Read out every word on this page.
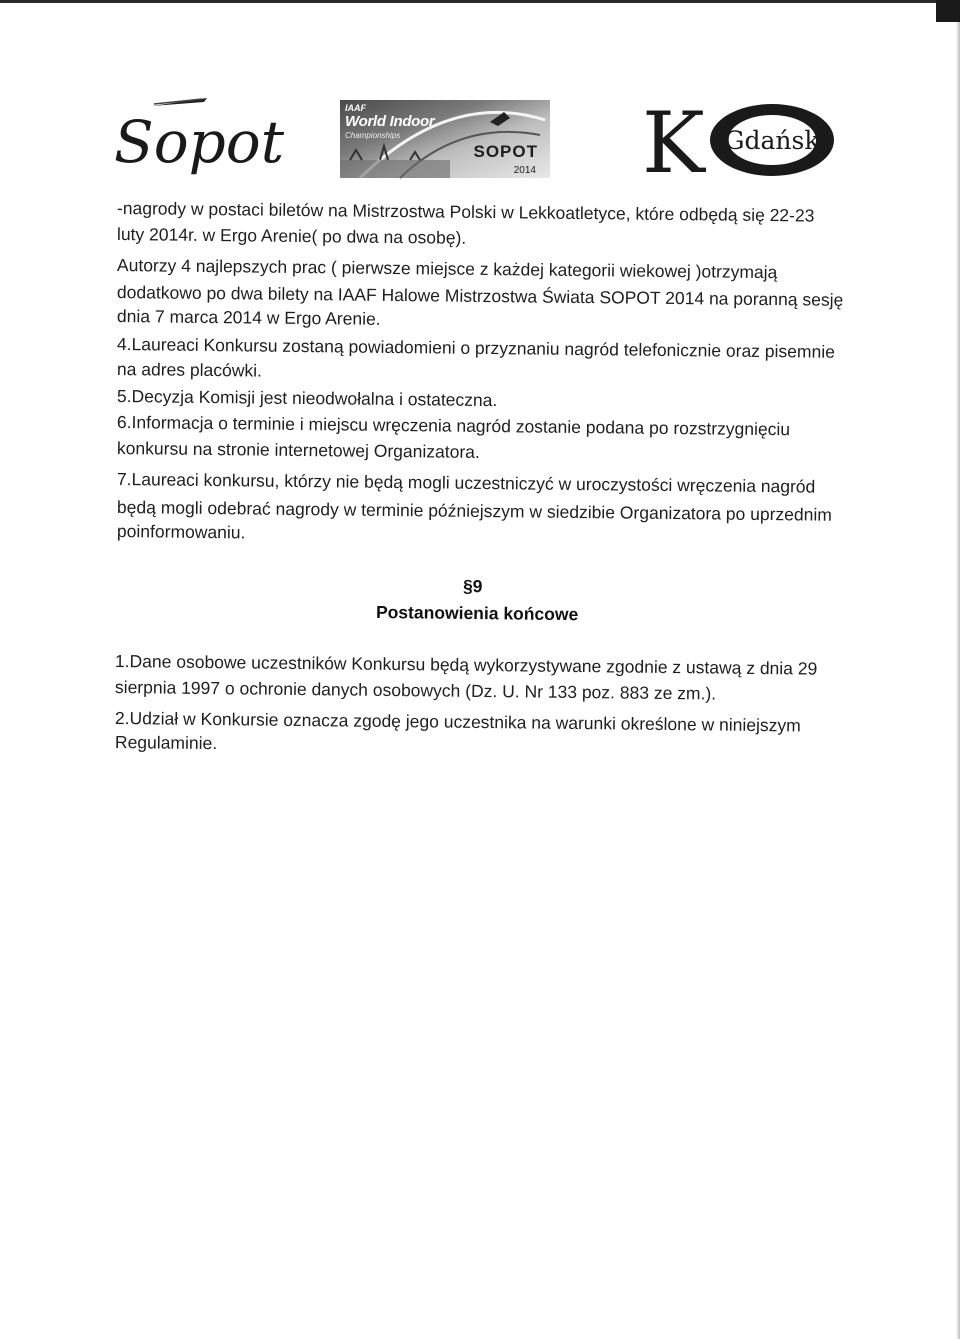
Sopot	IAAF
World Indoor
Championships
SOPOT
2014 K Gdańsk
-nagrody w postaci biletów na Mistrzostwa Polski w Lekkoatletyce, które odbędą się 22-23
luty 2014r. w Ergo Arenie( po dwa na osobę).
Autorzy 4 najlepszych prac ( pierwsze miejsce z każdej kategorii wiekowej )otrzymają
dodatkowo po dwa bilety na IAAF Halowe Mistrzostwa Świata SOPOT 2014 na poranną sesję
dnia 7 marca 2014 w Ergo Arenie.
4.Laureaci Konkursu zostaną powiadomieni o przyznaniu nagród telefonicznie oraz pisemnie
na adres placówki.
5.Decyzja Komisji jest nieodwołalna i ostateczna.
6.Informacja o terminie i miejscu wręczenia nagród zostanie podana po rozstrzygnięciu
konkursu na stronie internetowej Organizatora.
7.Laureaci konkursu, którzy nie będą mogli uczestniczyć w uroczystości wręczenia nagród
będą mogli odebrać nagrody w terminie późniejszym w siedzibie Organizatora po uprzednim
poinformowaniu.
§9
Postanowienia końcowe
1.Dane osobowe uczestników Konkursu będą wykorzystywane zgodnie z ustawą z dnia 29
sierpnia 1997 o ochronie danych osobowych (Dz. U. Nr 133 poz. 883 ze zm.).
2.Udział w Konkursie oznacza zgodę jego uczestnika na warunki określone w niniejszym
Regulaminie.
